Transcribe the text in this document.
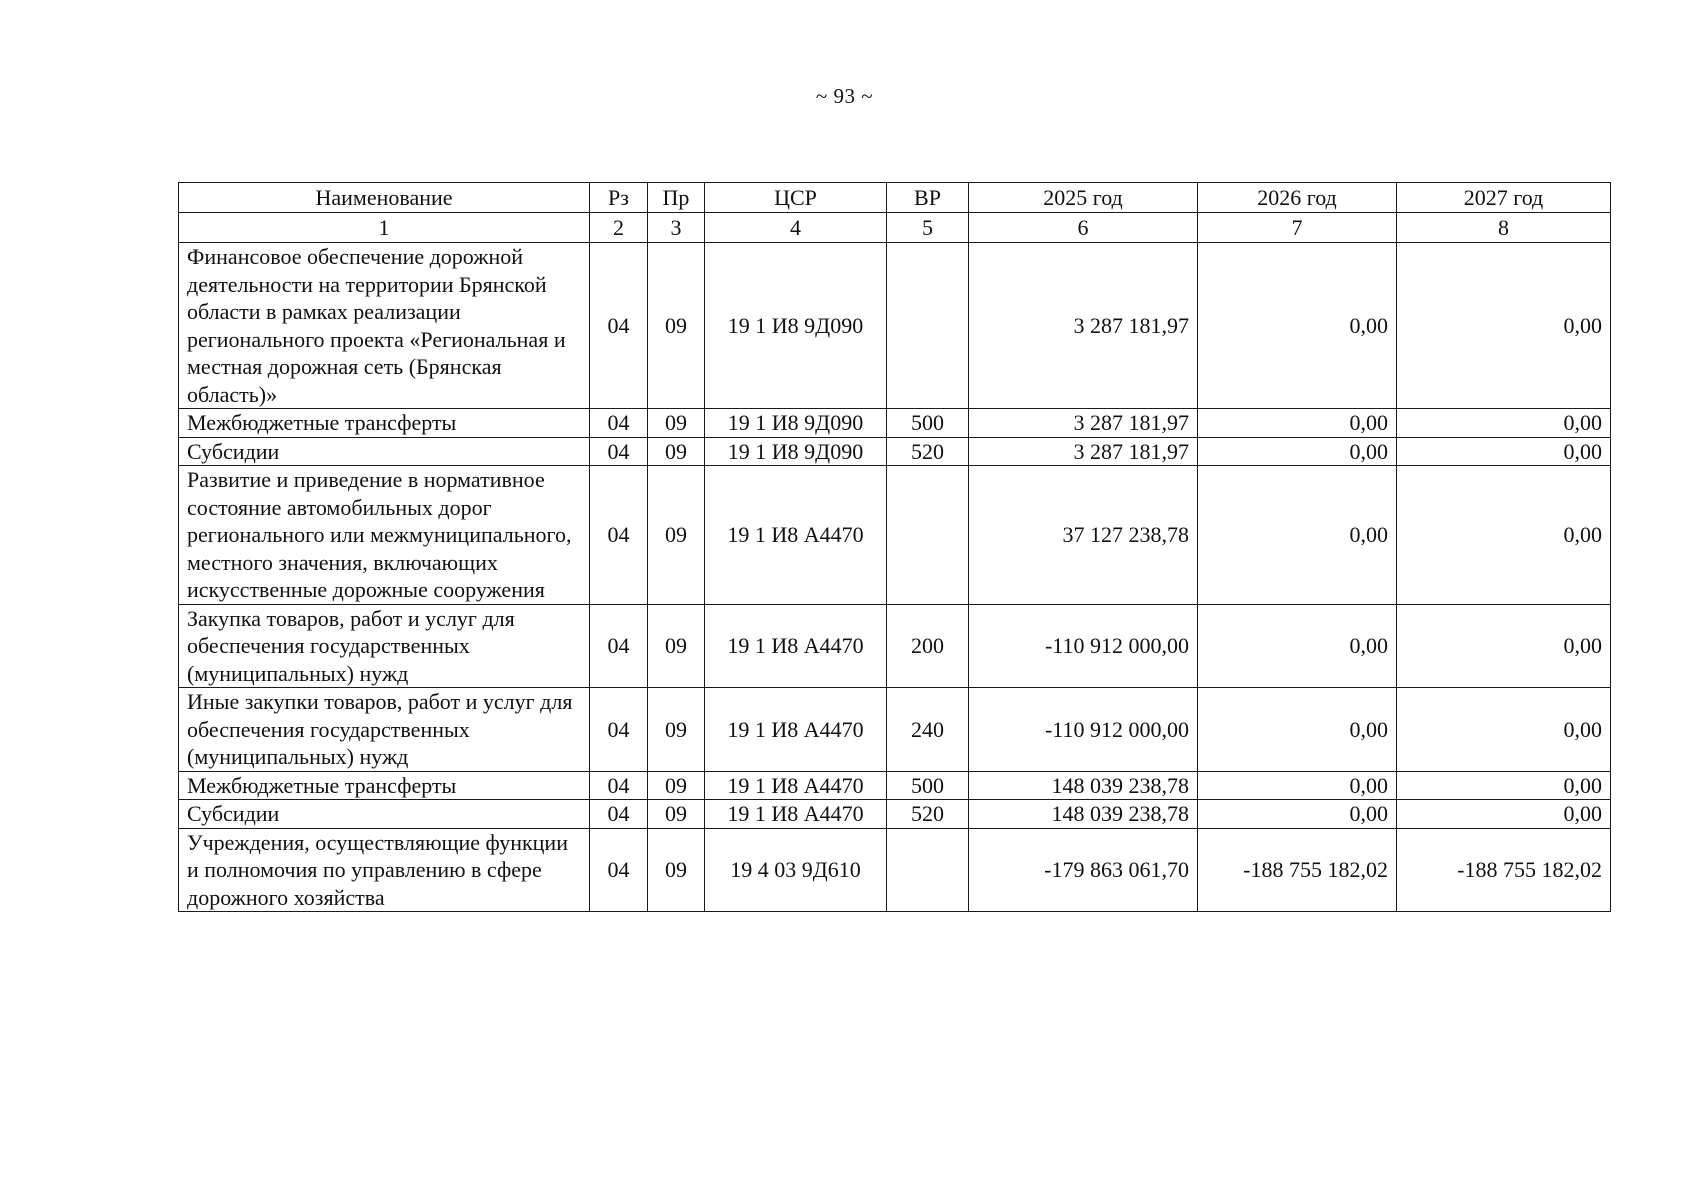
~ 93 ~
Наименование	Рз	Пр	ЦСР	ВР	2025 год	2026 год	2027 год
1	2	3	4	5	6	7	8
Финансовое обеспечение дорожной деятельности на территории Брянской области в рамках реализации регионального проекта «Региональная и местная дорожная сеть (Брянская область)»	04	09	19 1 И8 9Д090		3 287 181,97	0,00	0,00
Межбюджетные трансферты	04	09	19 1 И8 9Д090	500	3 287 181,97	0,00	0,00
Субсидии	04	09	19 1 И8 9Д090	520	3 287 181,97	0,00	0,00
Развитие и приведение в нормативное состояние автомобильных дорог регионального или межмуниципального, местного значения, включающих искусственные дорожные сооружения	04	09	19 1 И8 А4470		37 127 238,78	0,00	0,00
Закупка товаров, работ и услуг для обеспечения государственных (муниципальных) нужд	04	09	19 1 И8 А4470	200	-110 912 000,00	0,00	0,00
Иные закупки товаров, работ и услуг для обеспечения государственных (муниципальных) нужд	04	09	19 1 И8 А4470	240	-110 912 000,00	0,00	0,00
Межбюджетные трансферты	04	09	19 1 И8 А4470	500	148 039 238,78	0,00	0,00
Субсидии	04	09	19 1 И8 А4470	520	148 039 238,78	0,00	0,00
Учреждения, осуществляющие функции и полномочия по управлению в сфере дорожного хозяйства	04	09	19 4 03 9Д610		-179 863 061,70	-188 755 182,02	-188 755 182,02
